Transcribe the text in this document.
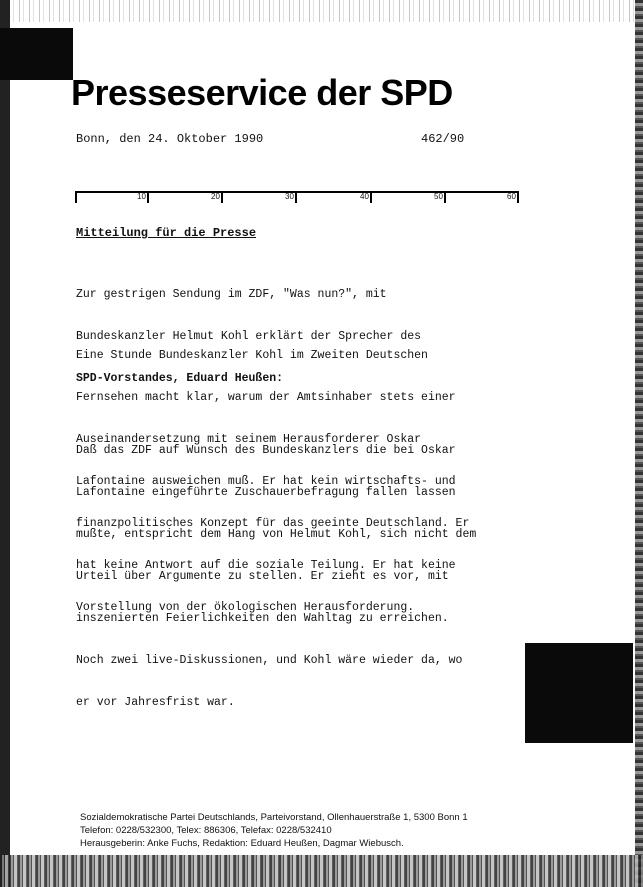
Presseservice der SPD
Bonn, den 24. Oktober 1990	462/90
10	20	30	40	50	60
Mitteilung für die Presse

Zur gestrigen Sendung im ZDF, "Was nun?", mit

Bundeskanzler Helmut Kohl erklärt der Sprecher des

SPD-Vorstandes, Eduard Heußen:

Eine Stunde Bundeskanzler Kohl im Zweiten Deutschen

Fernsehen macht klar, warum der Amtsinhaber stets einer

Auseinandersetzung mit seinem Herausforderer Oskar

Lafontaine ausweichen muß. Er hat kein wirtschafts- und

finanzpolitisches Konzept für das geeinte Deutschland. Er

hat keine Antwort auf die soziale Teilung. Er hat keine

Vorstellung von der ökologischen Herausforderung.

Daß das ZDF auf Wunsch des Bundeskanzlers die bei Oskar

Lafontaine eingeführte Zuschauerbefragung fallen lassen

mußte, entspricht dem Hang von Helmut Kohl, sich nicht dem

Urteil über Argumente zu stellen. Er zieht es vor, mit

inszenierten Feierlichkeiten den Wahltag zu erreichen.

Noch zwei live-Diskussionen, und Kohl wäre wieder da, wo

er vor Jahresfrist war.

Sozialdemokratische Partei Deutschlands, Parteivorstand, Ollenhauerstraße 1, 5300 Bonn 1
Telefon: 0228/532300, Telex: 886306, Telefax: 0228/532410
Herausgeberin: Anke Fuchs, Redaktion: Eduard Heußen, Dagmar Wiebusch.
